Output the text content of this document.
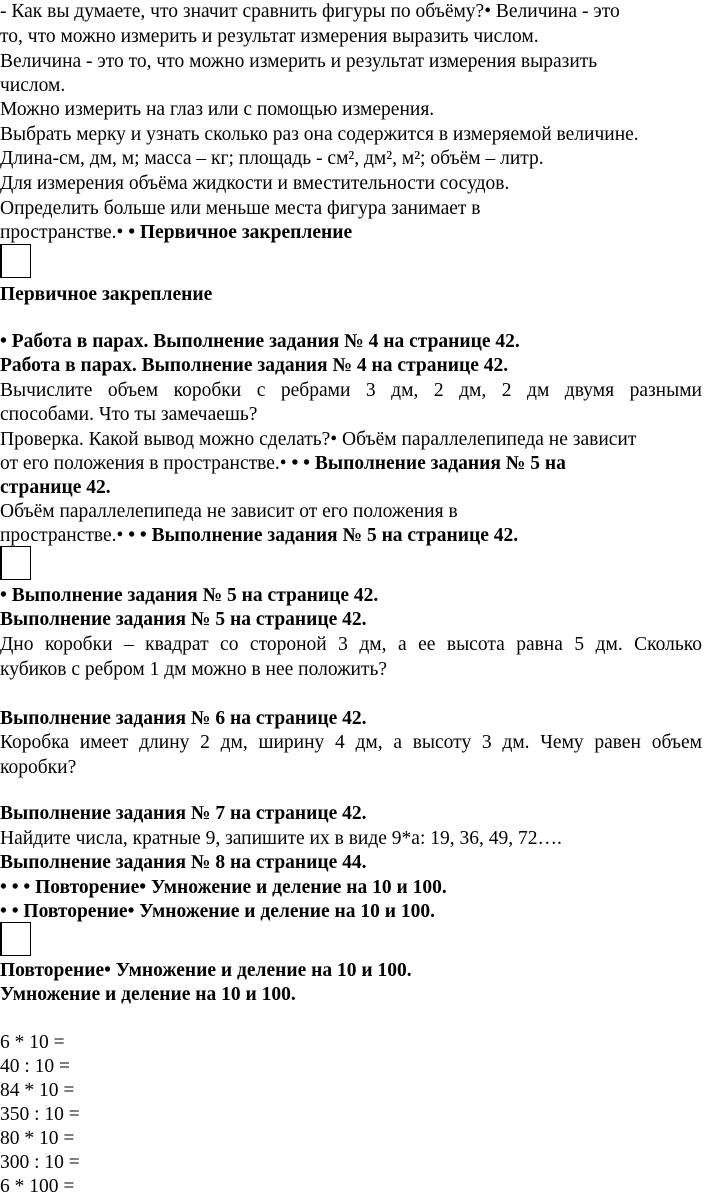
- Как вы думаете, что значит сравнить фигуры по объёму?• Величина - это
то, что можно измерить и результат измерения выразить числом.
Величина - это то, что можно измерить и результат измерения выразить
числом.
Можно измерить на глаз или с помощью измерения.
Выбрать мерку и узнать сколько раз она содержится в измеряемой величине.
Длина-см, дм, м; масса – кг; площадь - см², дм², м²; объём – литр.
Для измерения объёма жидкости и вместительности сосудов.
Определить больше или меньше места фигура занимает в
пространстве.• • Первичное закрепление
Первичное закрепление
• Работа в парах. Выполнение задания № 4 на странице 42.
Работа в парах. Выполнение задания № 4 на странице 42.
Вычислите объем коробки с ребрами 3 дм, 2 дм, 2 дм двумя разными
способами. Что ты замечаешь?
Проверка. Какой вывод можно сделать?• Объём параллелепипеда не зависит
от его положения в пространстве.• • • Выполнение задания № 5 на
странице 42.
Объём параллелепипеда не зависит от его положения в
пространстве.• • • Выполнение задания № 5 на странице 42.
• Выполнение задания № 5 на странице 42.
Выполнение задания № 5 на странице 42.
Дно коробки – квадрат со стороной 3 дм, а ее высота равна 5 дм. Сколько
кубиков с ребром 1 дм можно в нее положить?
Выполнение задания № 6 на странице 42.
Коробка имеет длину 2 дм, ширину 4 дм, а высоту 3 дм. Чему равен объем
коробки?
Выполнение задания № 7 на странице 42.
Найдите числа, кратные 9, запишите их в виде 9*а: 19, 36, 49, 72….
Выполнение задания № 8 на странице 44.
• • • Повторение• Умножение и деление на 10 и 100.
• • Повторение• Умножение и деление на 10 и 100.
Повторение• Умножение и деление на 10 и 100.
Умножение и деление на 10 и 100.
6 * 10 =
40 : 10 =
84 * 10 =
350 : 10 =
80 * 10 =
300 : 10 =
6 * 100 =
